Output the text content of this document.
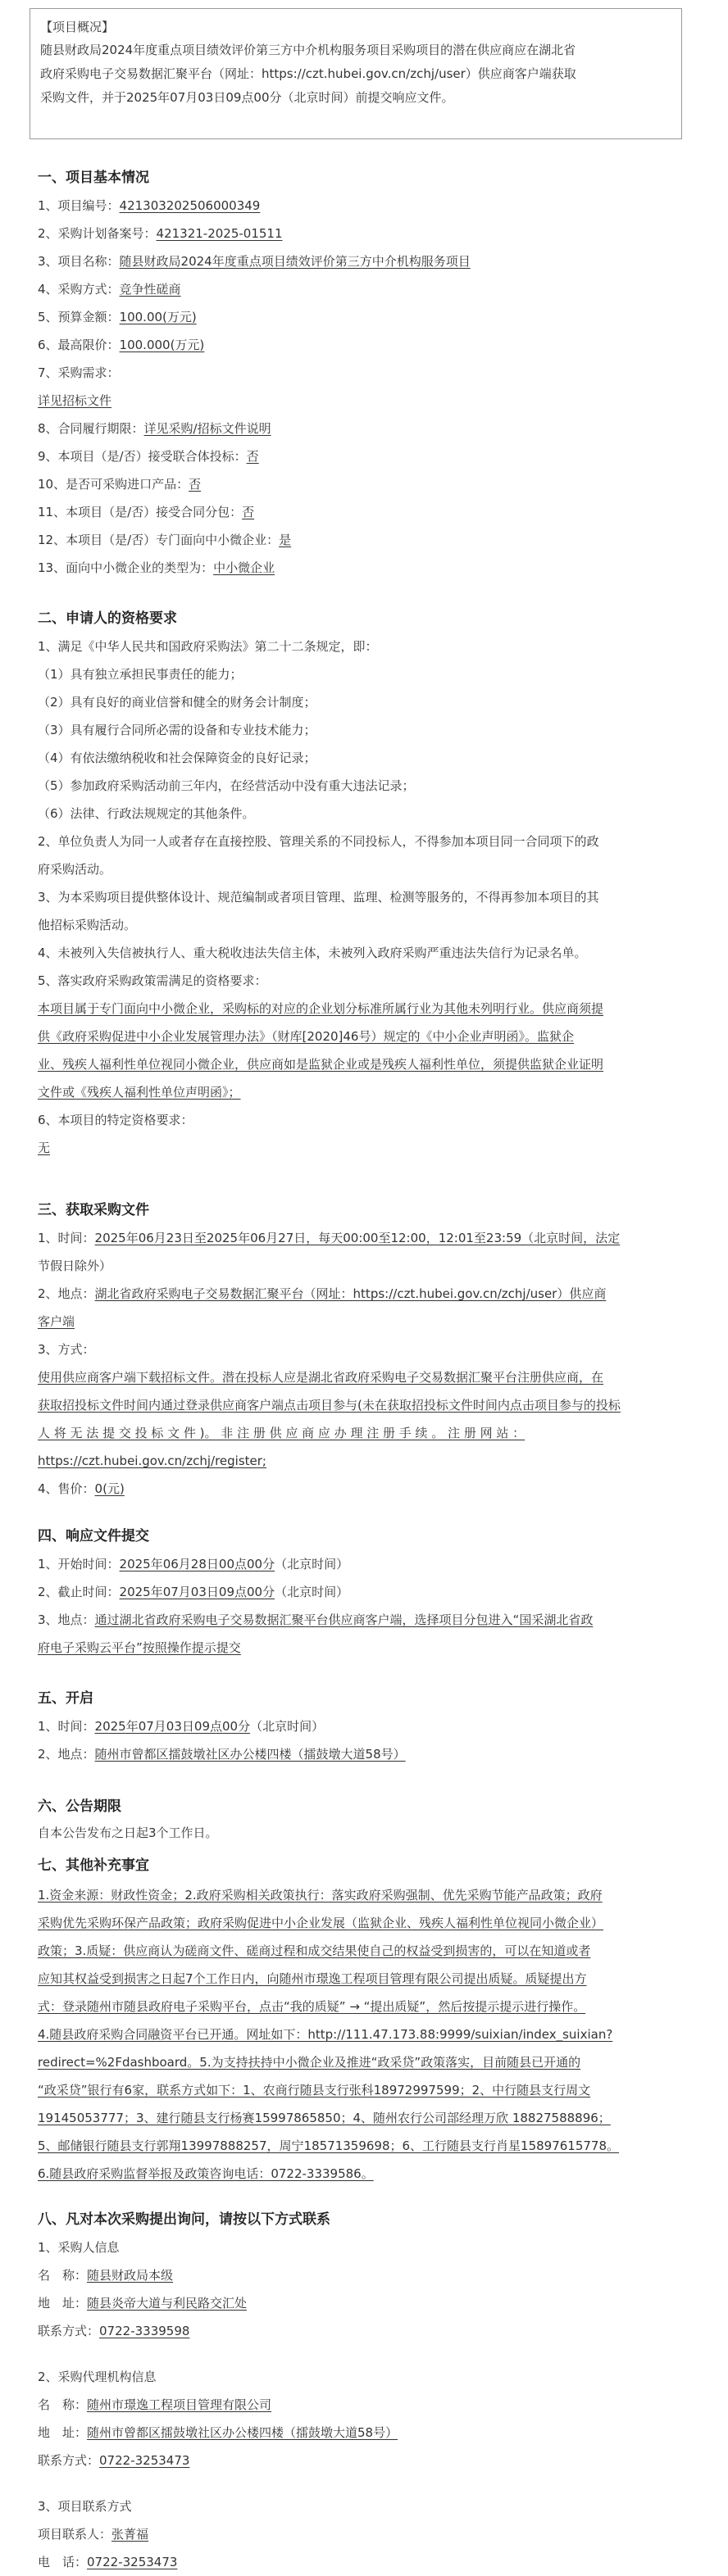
【项目概况】
随县财政局2024年度重点项目绩效评价第三方中介机构服务项目采购项目的潜在供应商应在湖北省
政府采购电子交易数据汇聚平台（网址：https://czt.hubei.gov.cn/zchj/user）供应商客户端获取
采购文件，并于2025年07月03日09点00分（北京时间）前提交响应文件。
一、项目基本情况
1、项目编号：421303202506000349
2、采购计划备案号：421321-2025-01511
3、项目名称：随县财政局2024年度重点项目绩效评价第三方中介机构服务项目
4、采购方式：竞争性磋商
5、预算金额：100.00(万元)
6、最高限价：100.000(万元)
7、采购需求：
详见招标文件
8、合同履行期限：详见采购/招标文件说明
9、本项目（是/否）接受联合体投标：否
10、是否可采购进口产品：否
11、本项目（是/否）接受合同分包：否
12、本项目（是/否）专门面向中小微企业：是
13、面向中小微企业的类型为：中小微企业
二、申请人的资格要求
1、满足《中华人民共和国政府采购法》第二十二条规定，即：
（1）具有独立承担民事责任的能力；
（2）具有良好的商业信誉和健全的财务会计制度；
（3）具有履行合同所必需的设备和专业技术能力；
（4）有依法缴纳税收和社会保障资金的良好记录；
（5）参加政府采购活动前三年内，在经营活动中没有重大违法记录；
（6）法律、行政法规规定的其他条件。
2、单位负责人为同一人或者存在直接控股、管理关系的不同投标人，不得参加本项目同一合同项下的政
府采购活动。
3、为本采购项目提供整体设计、规范编制或者项目管理、监理、检测等服务的，不得再参加本项目的其
他招标采购活动。
4、未被列入失信被执行人、重大税收违法失信主体，未被列入政府采购严重违法失信行为记录名单。
5、落实政府采购政策需满足的资格要求：
本项目属于专门面向中小微企业，采购标的对应的企业划分标准所属行业为其他未列明行业。供应商须提
供《政府采购促进中小企业发展管理办法》（财库[2020]46号）规定的《中小企业声明函》。监狱企
业、残疾人福利性单位视同小微企业，供应商如是监狱企业或是残疾人福利性单位，须提供监狱企业证明
文件或《残疾人福利性单位声明函》；
6、本项目的特定资格要求：
无
三、获取采购文件
1、时间：2025年06月23日至2025年06月27日，每天00:00至12:00，12:01至23:59（北京时间，法定
节假日除外）
2、地点：湖北省政府采购电子交易数据汇聚平台（网址：https://czt.hubei.gov.cn/zchj/user）供应商
客户端
3、方式：
使用供应商客户端下载招标文件。潜在投标人应是湖北省政府采购电子交易数据汇聚平台注册供应商，在
获取招投标文件时间内通过登录供应商客户端点击项目参与(未在获取招投标文件时间内点击项目参与的投标
人 将 无 法 提 交 投 标 文 件 )。 非 注 册 供 应 商 应 办 理 注 册 手 续 。 注 册 网 站 ：
https://czt.hubei.gov.cn/zchj/register;
4、售价：0(元)
四、响应文件提交
1、开始时间：2025年06月28日00点00分（北京时间）
2、截止时间：2025年07月03日09点00分（北京时间）
3、地点：通过湖北省政府采购电子交易数据汇聚平台供应商客户端，选择项目分包进入“国采湖北省政
府电子采购云平台”按照操作提示提交
五、开启
1、时间：2025年07月03日09点00分（北京时间）
2、地点：随州市曾都区擂鼓墩社区办公楼四楼（擂鼓墩大道58号）
六、公告期限
自本公告发布之日起3个工作日。
七、其他补充事宜
1.资金来源：财政性资金；2.政府采购相关政策执行：落实政府采购强制、优先采购节能产品政策；政府
采购优先采购环保产品政策；政府采购促进中小企业发展（监狱企业、残疾人福利性单位视同小微企业）
政策；3.质疑：供应商认为磋商文件、磋商过程和成交结果使自己的权益受到损害的，可以在知道或者
应知其权益受到损害之日起7个工作日内，向随州市璟逸工程项目管理有限公司提出质疑。质疑提出方
式：登录随州市随县政府电子采购平台，点击“我的质疑” → “提出质疑”，然后按提示提示进行操作。
4.随县政府采购合同融资平台已开通。网址如下：http://111.47.173.88:9999/suixian/index_suixian?
redirect=%2Fdashboard。5.为支持扶持中小微企业及推进“政采贷”政策落实，目前随县已开通的
“政采贷”银行有6家，联系方式如下：1、农商行随县支行张科18972997599；2、中行随县支行周文
19145053777；3、建行随县支行杨赛15997865850；4、随州农行公司部经理万欣 18827588896；
5、邮储银行随县支行郭翔13997888257，周宁18571359698；6、工行随县支行肖星15897615778。
6.随县政府采购监督举报及政策咨询电话：0722-3339586。
八、凡对本次采购提出询问，请按以下方式联系
1、采购人信息
名　称：随县财政局本级
地　址：随县炎帝大道与利民路交汇处
联系方式：0722-3339598
2、采购代理机构信息
名　称：随州市璟逸工程项目管理有限公司
地　址：随州市曾都区擂鼓墩社区办公楼四楼（擂鼓墩大道58号）
联系方式：0722-3253473
3、项目联系方式
项目联系人：张菁福
电　话：0722-3253473
